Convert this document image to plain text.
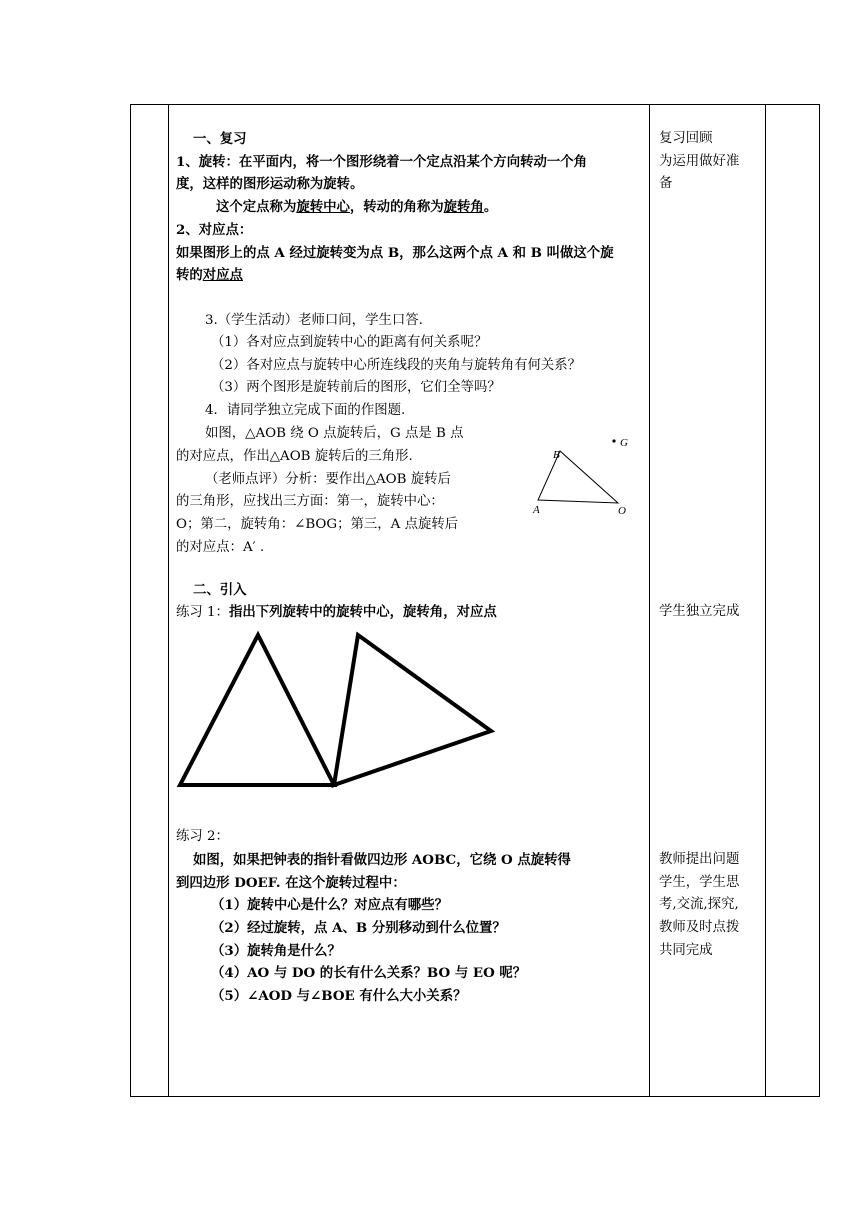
一、复习
1、旋转：在平面内，将一个图形绕着一个定点沿某个方向转动一个角
度，这样的图形运动称为旋转。
这个定点称为旋转中心，转动的角称为旋转角。
2、对应点：
如果图形上的点 A 经过旋转变为点 B，那么这两个点 A 和 B 叫做这个旋
转的对应点
3.（学生活动）老师口问，学生口答.
（1）各对应点到旋转中心的距离有何关系呢？
（2）各对应点与旋转中心所连线段的夹角与旋转角有何关系？
（3）两个图形是旋转前后的图形，它们全等吗？
4．请同学独立完成下面的作图题.
如图，△AOB 绕 O 点旋转后，G 点是 B 点
的对应点，作出△AOB 旋转后的三角形.
（老师点评）分析：要作出△AOB 旋转后
的三角形，应找出三方面：第一，旋转中心：
O；第二，旋转角：∠BOG；第三，A 点旋转后
的对应点：A′ .
G
B
A	O
二、引入
练习 1：指出下列旋转中的旋转中心，旋转角，对应点
练习 2：
如图，如果把钟表的指针看做四边形 AOBC，它绕 O 点旋转得
到四边形 DOEF. 在这个旋转过程中：
（1）旋转中心是什么？对应点有哪些？
（2）经过旋转，点 A、B 分别移动到什么位置？
（3）旋转角是什么？
（4）AO 与 DO 的长有什么关系？BO 与 EO 呢？
（5）∠AOD 与∠BOE 有什么大小关系？
复习回顾
为运用做好准
备
学生独立完成
教师提出问题
学生，学生思
考,交流,探究,
教师及时点拨
共同完成
